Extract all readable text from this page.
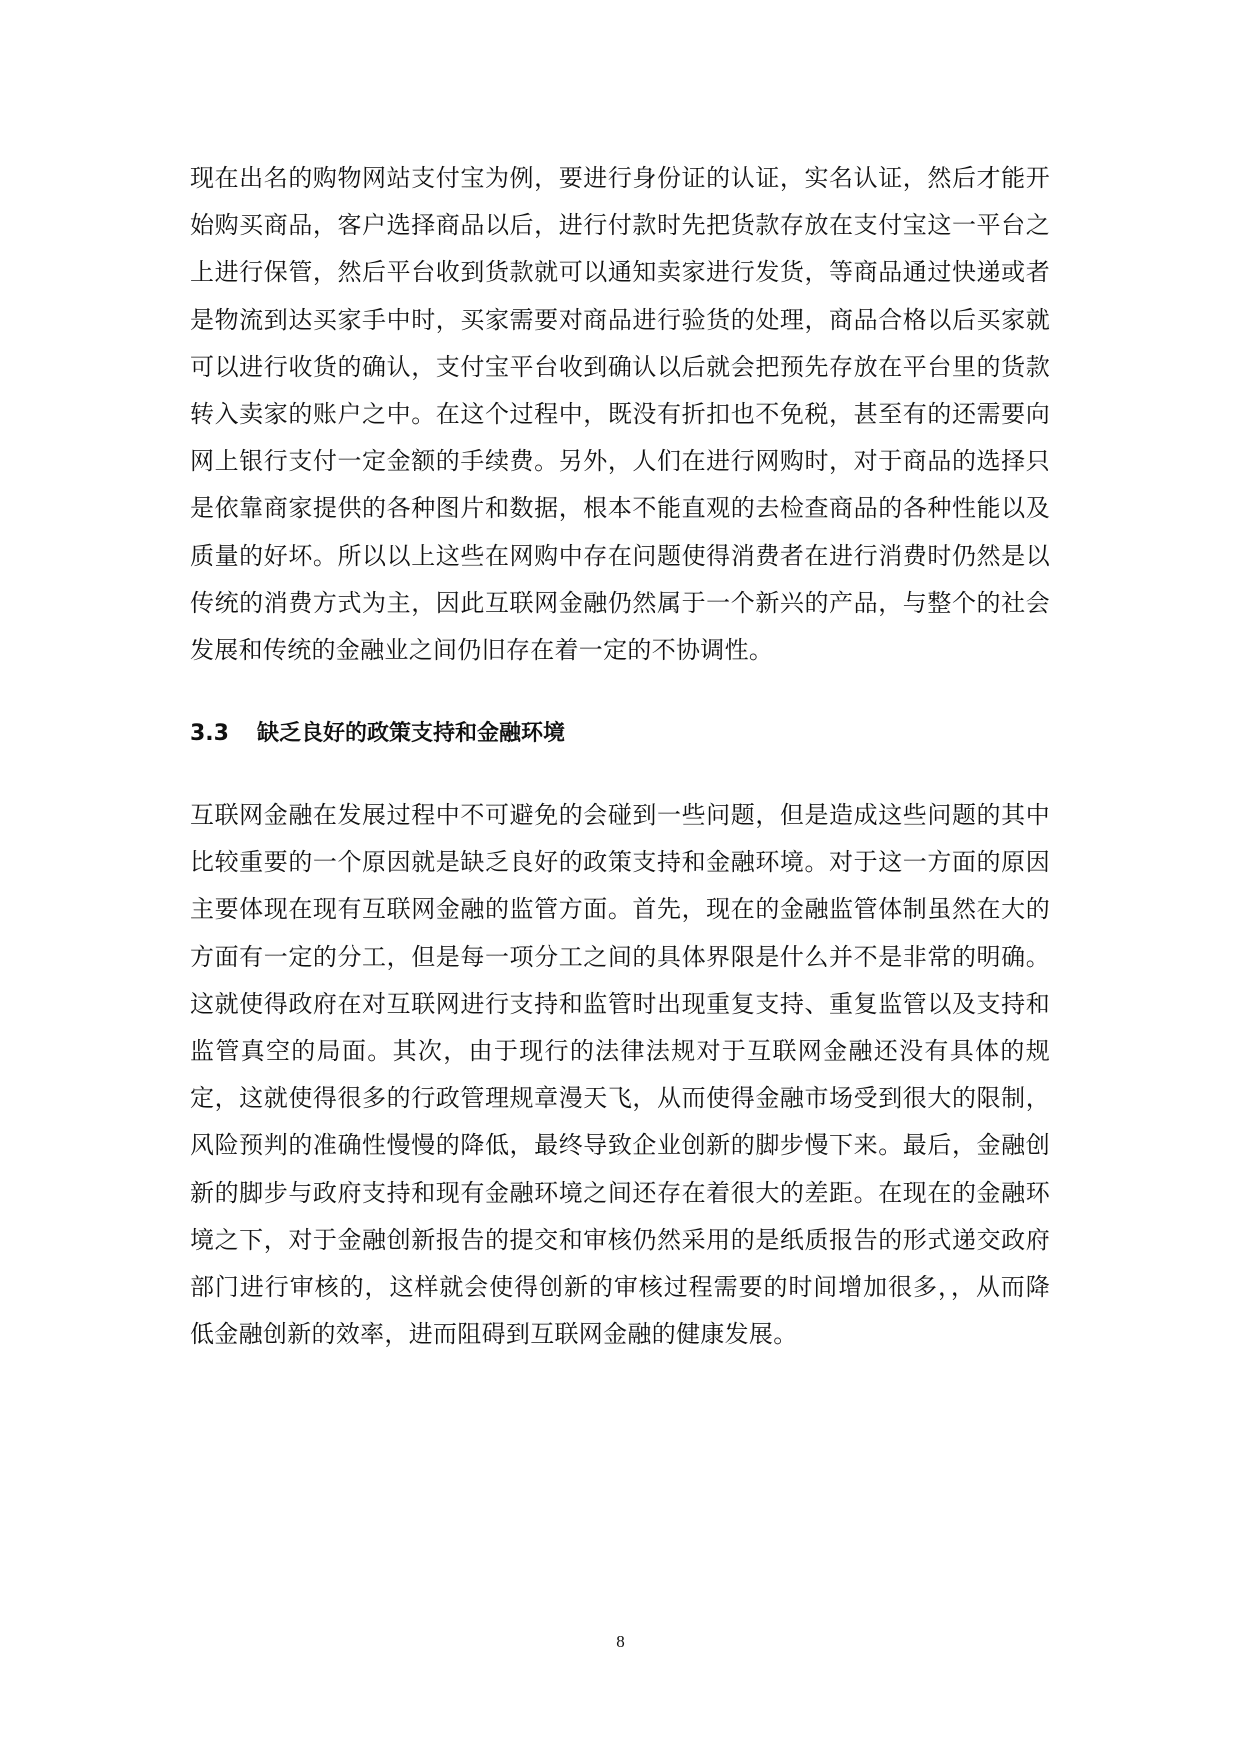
现在出名的购物网站支付宝为例，要进行身份证的认证，实名认证，然后才能开始购买商品，客户选择商品以后，进行付款时先把货款存放在支付宝这一平台之上进行保管，然后平台收到货款就可以通知卖家进行发货，等商品通过快递或者是物流到达买家手中时，买家需要对商品进行验货的处理，商品合格以后买家就可以进行收货的确认，支付宝平台收到确认以后就会把预先存放在平台里的货款转入卖家的账户之中。在这个过程中，既没有折扣也不免税，甚至有的还需要向网上银行支付一定金额的手续费。另外，人们在进行网购时，对于商品的选择只是依靠商家提供的各种图片和数据，根本不能直观的去检查商品的各种性能以及质量的好坏。所以以上这些在网购中存在问题使得消费者在进行消费时仍然是以传统的消费方式为主，因此互联网金融仍然属于一个新兴的产品，与整个的社会发展和传统的金融业之间仍旧存在着一定的不协调性。
3.3 缺乏良好的政策支持和金融环境
互联网金融在发展过程中不可避免的会碰到一些问题，但是造成这些问题的其中比较重要的一个原因就是缺乏良好的政策支持和金融环境。对于这一方面的原因主要体现在现有互联网金融的监管方面。首先，现在的金融监管体制虽然在大的方面有一定的分工，但是每一项分工之间的具体界限是什么并不是非常的明确。这就使得政府在对互联网进行支持和监管时出现重复支持、重复监管以及支持和监管真空的局面。其次，由于现行的法律法规对于互联网金融还没有具体的规定，这就使得很多的行政管理规章漫天飞，从而使得金融市场受到很大的限制，风险预判的准确性慢慢的降低，最终导致企业创新的脚步慢下来。最后，金融创新的脚步与政府支持和现有金融环境之间还存在着很大的差距。在现在的金融环境之下，对于金融创新报告的提交和审核仍然采用的是纸质报告的形式递交政府部门进行审核的，这样就会使得创新的审核过程需要的时间增加很多，，从而降低金融创新的效率，进而阻碍到互联网金融的健康发展。
8
